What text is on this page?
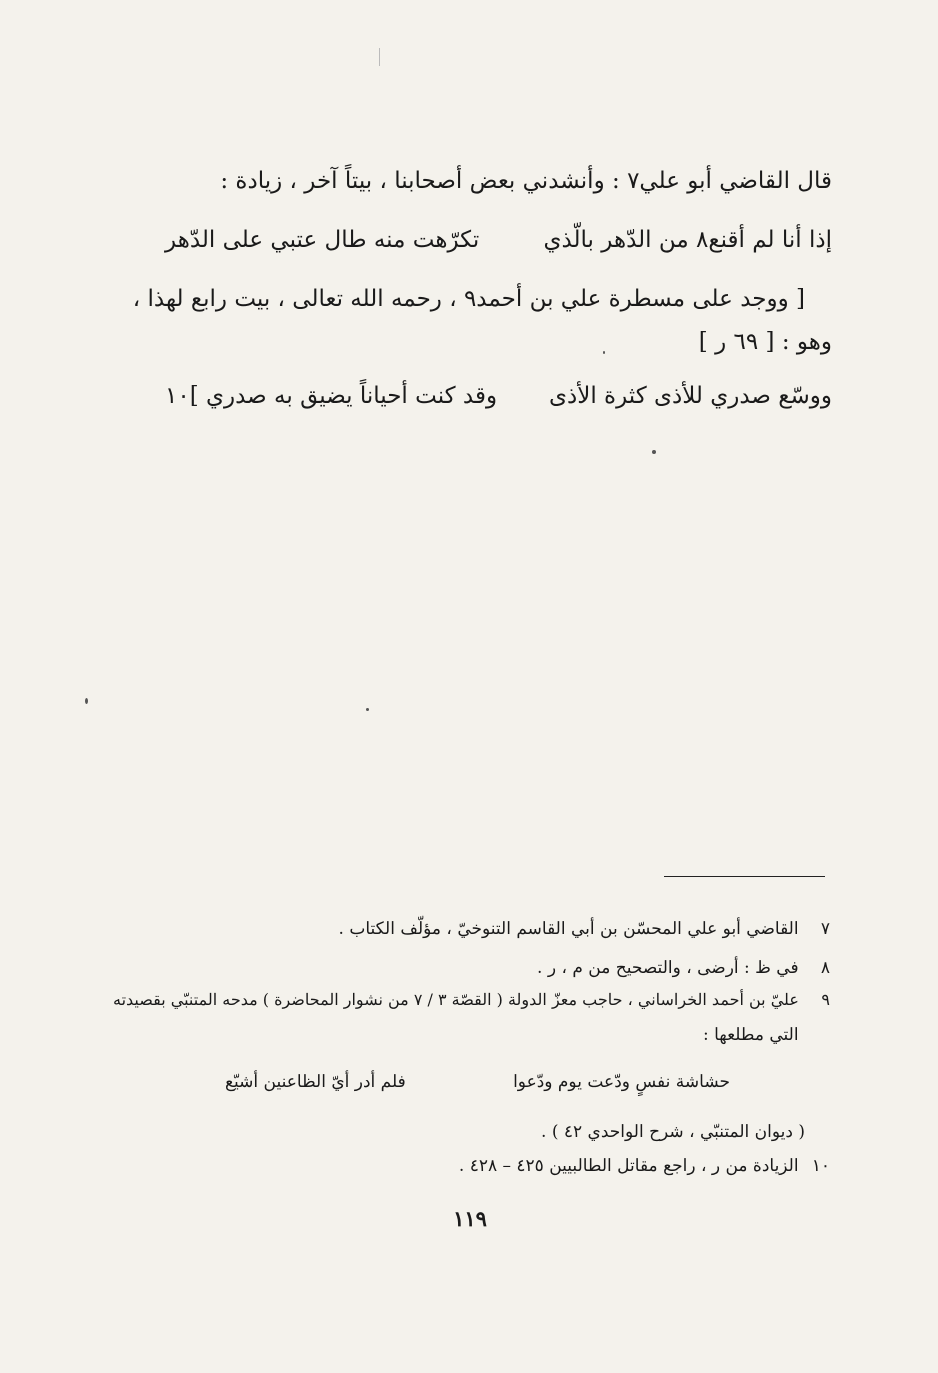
قال القاضي أبو علي٧ : وأنشدني بعض أصحابنا ، بيتاً آخر ، زيادة :
إذا أنا لم أقنع٨ من الدّهر بالّذي
تكرّهت منه طال عتبي على الدّهر
[ ووجد على مسطرة علي بن أحمد٩ ، رحمه الله تعالى ، بيت رابع لهذا ،
وهو : [ ٦٩ ر ]
ووسّع صدري للأذى كثرة الأذى
وقد كنت أحياناً يضيق به صدري ]١٠
٧ القاضي أبو علي المحسّن بن أبي القاسم التنوخيّ ، مؤلّف الكتاب .
٨ في ظ : أرضى ، والتصحيح من م ، ر .
٩ عليّ بن أحمد الخراساني ، حاجب معزّ الدولة ( القصّة ٣ / ٧ من نشوار المحاضرة ) مدحه المتنبّي بقصيدته
التي مطلعها :
حشاشة نفسٍ ودّعت يوم ودّعوا
فلم أدر أيّ الظاعنين أشيّع
( ديوان المتنبّي ، شرح الواحدي ٤٢ ) .
١٠ الزيادة من ر ، راجع مقاتل الطالبيين ٤٢٥ – ٤٢٨ .
١١٩
